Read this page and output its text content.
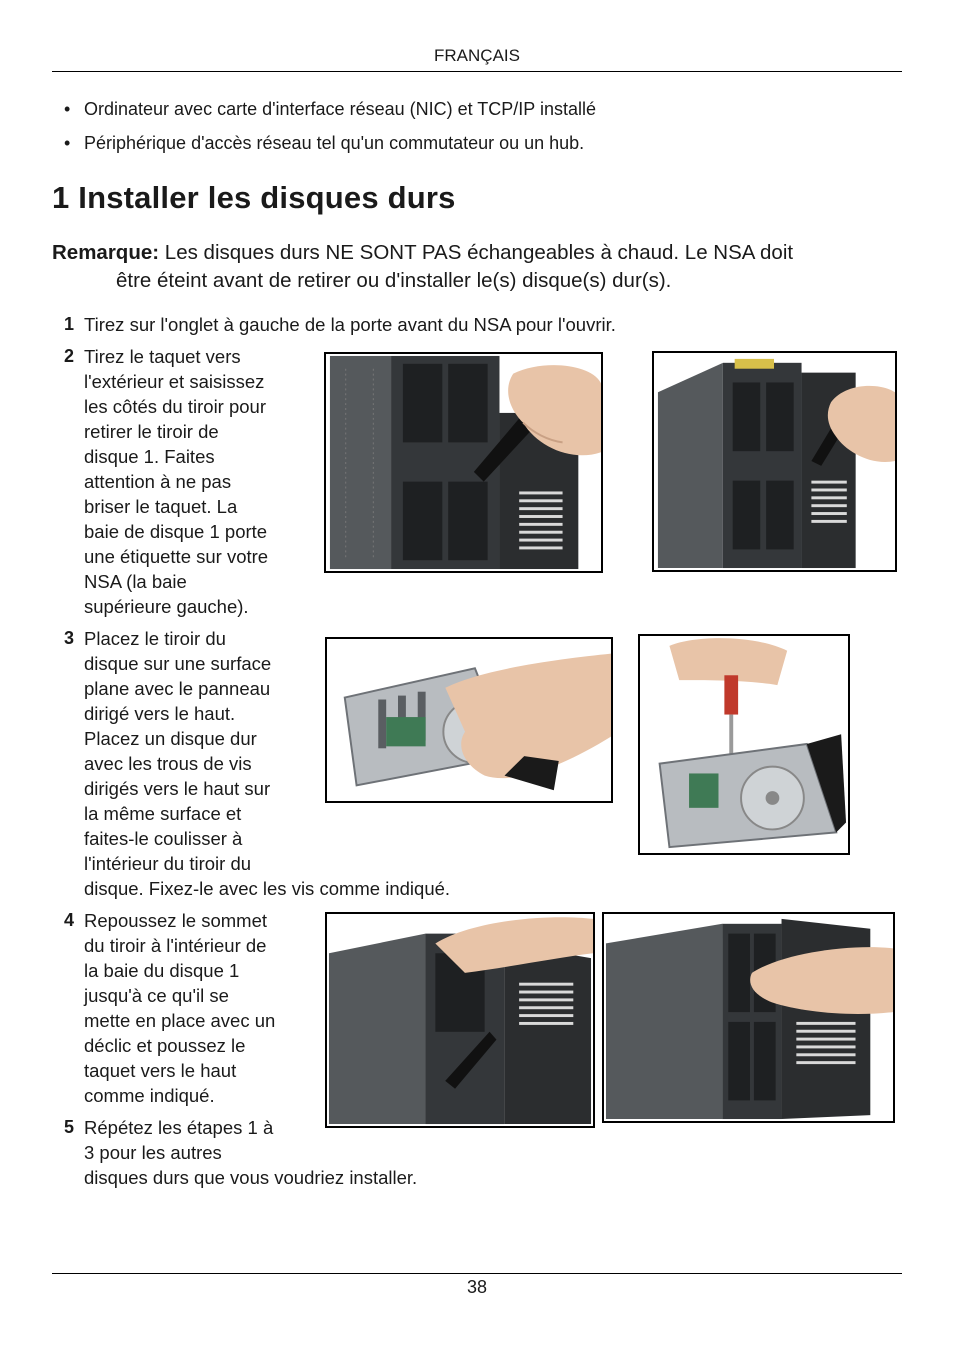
FRANÇAIS
• Ordinateur avec carte d'interface réseau (NIC) et TCP/IP installé
• Périphérique d'accès réseau tel qu'un commutateur ou un hub.
1 Installer les disques durs
Remarque: Les disques durs NE SONT PAS échangeables à chaud. Le NSA doit
être éteint avant de retirer ou d'installer le(s) disque(s) dur(s).
1 Tirez sur l'onglet à gauche de la porte avant du NSA pour l'ouvrir.
2 Tirez le taquet vers
l'extérieur et saisissez
les côtés du tiroir pour
retirer le tiroir de
disque 1. Faites
attention à ne pas
briser le taquet. La
baie de disque 1 porte
une étiquette sur votre
NSA (la baie
supérieure gauche).
3 Placez le tiroir du
disque sur une surface
plane avec le panneau
dirigé vers le haut.
Placez un disque dur
avec les trous de vis
dirigés vers le haut sur
la même surface et
faites-le coulisser à
l'intérieur du tiroir du
disque. Fixez-le avec les vis comme indiqué.
4 Repoussez le sommet
du tiroir à l'intérieur de
la baie du disque 1
jusqu'à ce qu'il se
mette en place avec un
déclic et poussez le
taquet vers le haut
comme indiqué.
5 Répétez les étapes 1 à
3 pour les autres
disques durs que vous voudriez installer.
38
